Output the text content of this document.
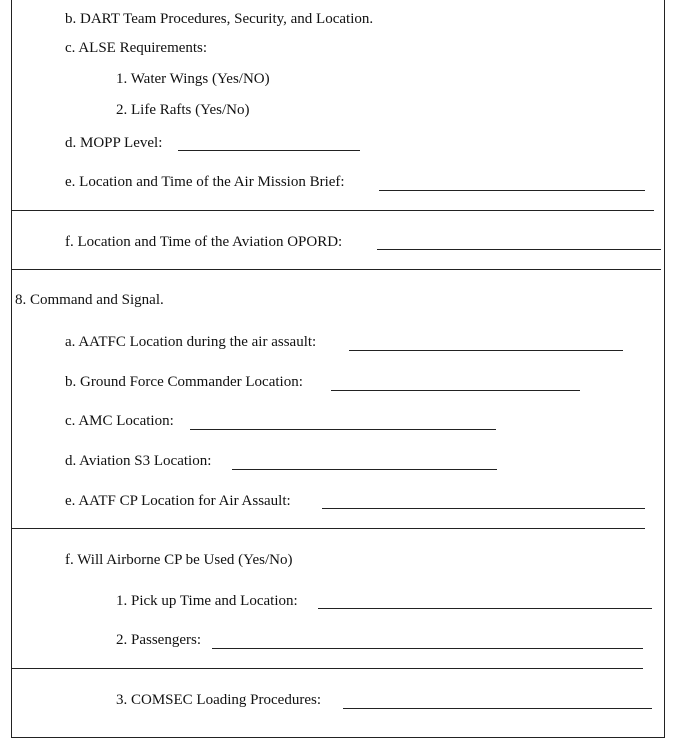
b. DART Team Procedures, Security, and Location.
c. ALSE Requirements:
1. Water Wings (Yes/NO)
2. Life Rafts (Yes/No)
d. MOPP Level:
e. Location and Time of the Air Mission Brief:
f. Location and Time of the Aviation OPORD:
8. Command and Signal.
a. AATFC Location during the air assault:
b. Ground Force Commander Location:
c. AMC Location:
d. Aviation S3 Location:
e. AATF CP Location for Air Assault:
f. Will Airborne CP be Used (Yes/No)
1. Pick up Time and Location:
2. Passengers:
3. COMSEC Loading Procedures:
